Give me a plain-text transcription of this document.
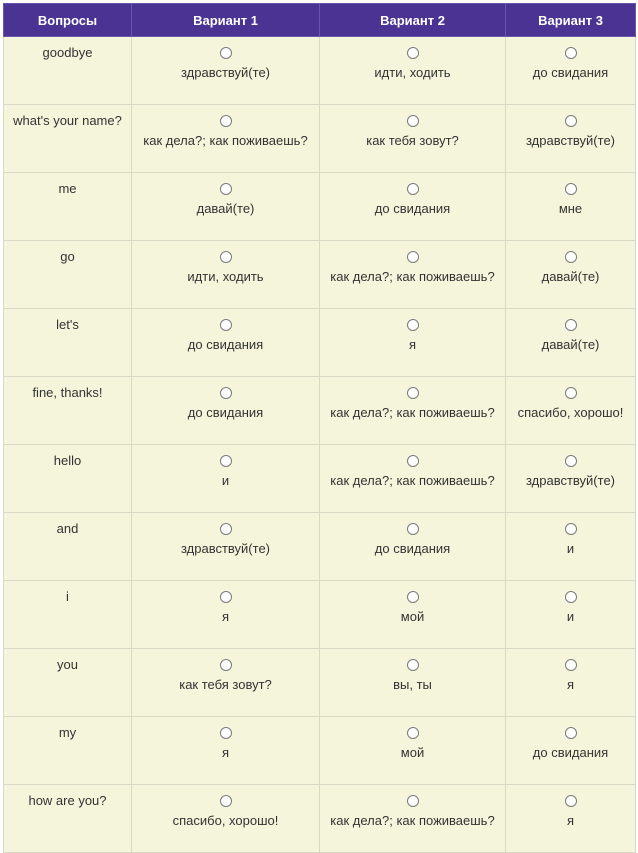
Вопросы	Вариант 1	Вариант 2	Вариант 3

goodbye	здравствуй(те)	идти, ходить	до свидания

what's your name?	как дела?; как поживаешь?	как тебя зовут?	здравствуй(те)

me	давай(те)	до свидания	мне

go	идти, ходить	как дела?; как поживаешь?	давай(те)

let's	до свидания	я	давай(те)

fine, thanks!	до свидания	как дела?; как поживаешь?	спасибо, хорошо!

hello	и	как дела?; как поживаешь?	здравствуй(те)

and	здравствуй(те)	до свидания	и

i	я	мой	и

you	как тебя зовут?	вы, ты	я

my	я	мой	до свидания

how are you?	спасибо, хорошо!	как дела?; как поживаешь?	я
